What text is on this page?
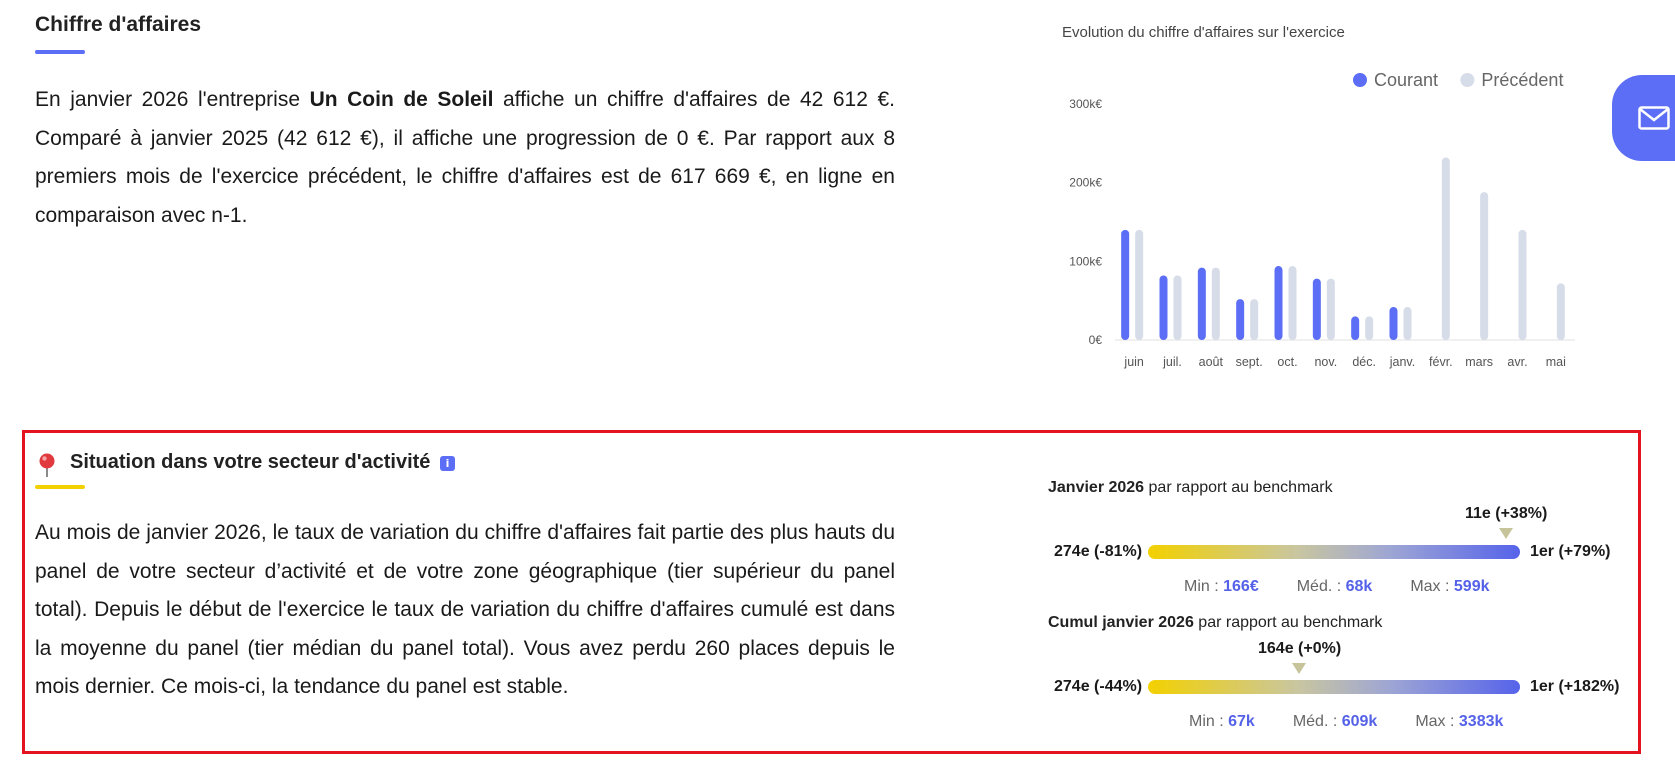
Chiffre d'affaires
En janvier 2026 l'entreprise Un Coin de Soleil affiche un chiffre d'affaires de 42 612 €. Comparé à janvier 2025 (42 612 €), il affiche une progression de 0 €. Par rapport aux 8 premiers mois de l'exercice précédent, le chiffre d'affaires est de 617 669 €, en ligne en comparaison avec n-1.
Evolution du chiffre d'affaires sur l'exercice
0€
100k€
200k€
300k€
juin juil. août sept. oct. nov. déc. janv. févr. mars avr. mai
Courant Précédent
Situation dans votre secteur d'activité	i
Au mois de janvier 2026, le taux de variation du chiffre d'affaires fait partie des plus hauts du panel de votre secteur d’activité et de votre zone géographique (tier supérieur du panel total). Depuis le début de l'exercice le taux de variation du chiffre d'affaires cumulé est dans la moyenne du panel (tier médian du panel total). Vous avez perdu 260 places depuis le mois dernier. Ce mois-ci, la tendance du panel est stable.
Janvier 2026 par rapport au benchmark
11e (+38%)
274e (-81%)	1er (+79%)
Min : 166€ Méd. : 68k Max : 599k
Cumul janvier 2026 par rapport au benchmark
164e (+0%)
274e (-44%)	1er (+182%)
Min : 67k Méd. : 609k Max : 3383k
